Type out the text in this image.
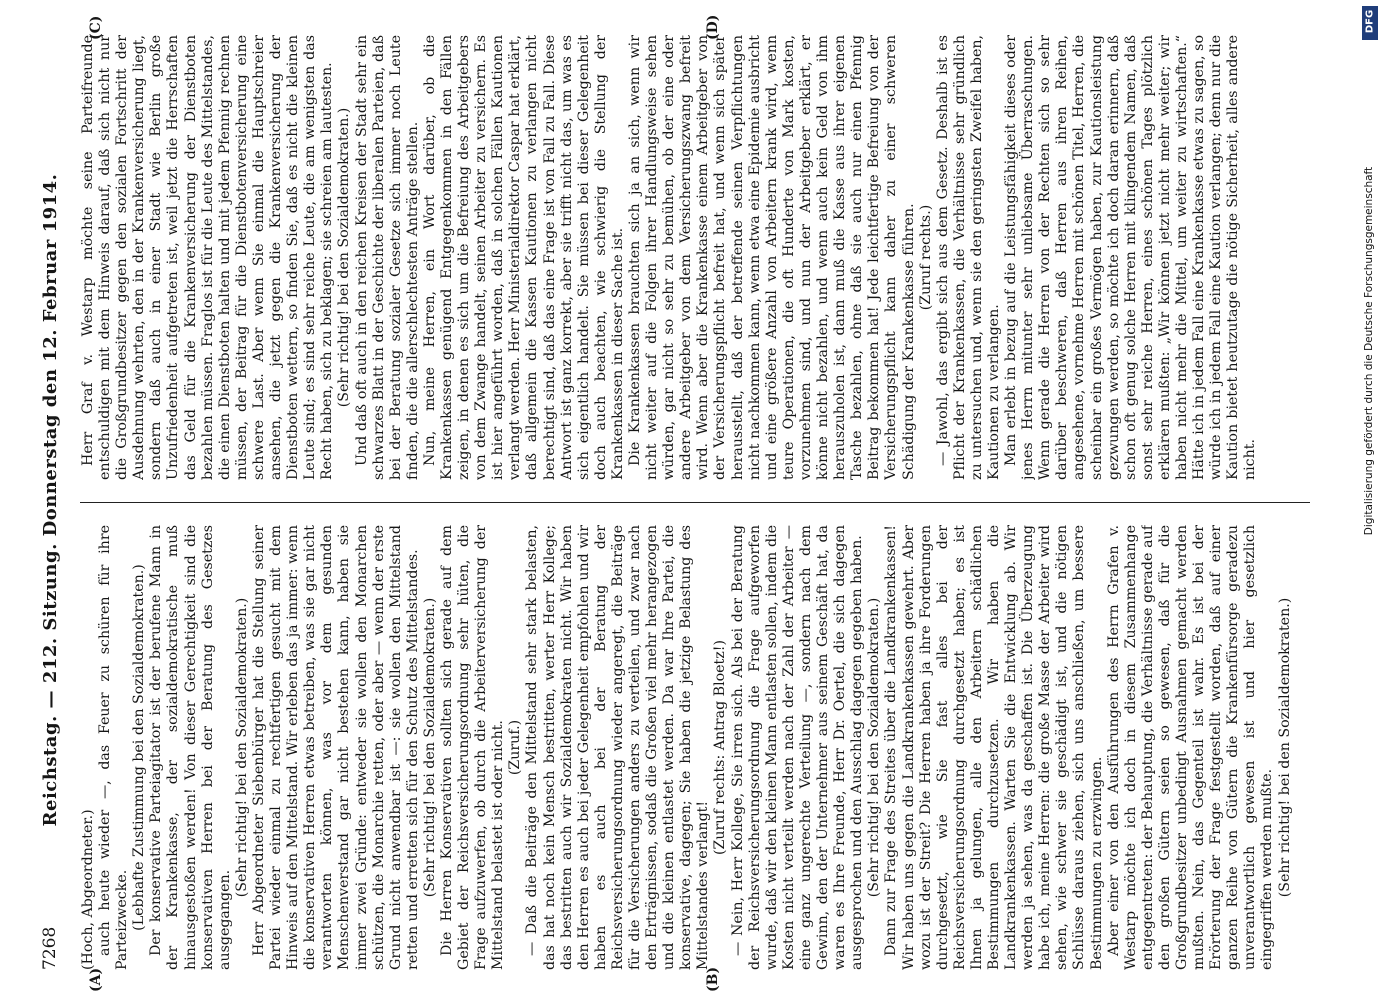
7268
Reichstag. — 212. Sitzung. Donnerstag den 12. Februar 1914.

(Hoch, Abgeordneter.) auch heute wieder —, das Feuer zu schüren für ihre Parteizwecke. (Lebhafte Zustimmung bei den Sozialdemokraten.) Der konservative Parteiagitator ist der berufene Mann in der Krankenkasse, der sozialdemokratische muß hinausgestoßen werden! Von dieser Gerechtigkeit sind die konservativen Herren bei der Beratung des Gesetzes ausgegangen.

(Sehr richtig! bei den Sozialdemokraten.) Herr Abgeordneter Siebenbürger hat die Stellung seiner Partei wieder einmal zu rechtfertigen gesucht mit dem Hinweis auf den Mittelstand. Wir erleben das ja immer: wenn die konservativen Herren etwas betreiben, was sie gar nicht verantworten können, was vor dem gesunden Menschenverstand gar nicht bestehen kann, haben sie immer zwei Gründe: entweder sie wollen den Monarchen schützen, die Monarchie retten, oder aber — wenn der erste Grund nicht anwendbar ist —: sie wollen den Mittelstand retten und erretten sich für den Schutz des Mittelstandes. (Sehr richtig! bei den Sozialdemokraten.) Die Herren Konservativen sollten sich gerade auf dem Gebiet der Reichsversicherungsordnung sehr hüten, die Frage aufzuwerfen, ob durch die Arbeiterversicherung der Mittelstand belastet ist oder nicht. (Zuruf.) — Daß die Beiträge den Mittelstand sehr stark belasten, das hat noch kein Mensch bestritten, werter Herr Kollege; das bestritten auch wir Sozialdemokraten nicht. Wir haben den Herren es auch bei jeder Gelegenheit empfohlen und wir haben es auch bei der Beratung der Reichsversicherungsordnung wieder angeregt, die Beiträge für die Versicherungen anders zu verteilen, und zwar nach den Erträgnissen, sodaß die Großen viel mehr herangezogen und die kleinen entlastet werden. Da war Ihre Partei, die konservative, dagegen; Sie haben die jetzige Belastung des Mittelstandes verlangt!

(Zuruf rechts: Antrag Bloetz!) — Nein, Herr Kollege, Sie irren sich. Als bei der Beratung der Reichsversicherungsordnung die Frage aufgeworfen wurde, daß wir den kleinen Mann entlasten sollen, indem die Kosten nicht verteilt werden nach der Zahl der Arbeiter — eine ganz ungerechte Verteilung —, sondern nach dem Gewinn, den der Unternehmer aus seinem Geschäft hat, da waren es Ihre Freunde, Herr Dr. Oertel, die sich dagegen ausgesprochen und den Ausschlag dagegen gegeben haben. (Sehr richtig! bei den Sozialdemokraten.) Dann zur Frage des Streites über die Landkrankenkassen! Wir haben uns gegen die Landkrankenkassen gewehrt. Aber wozu ist der Streit? Die Herren haben ja ihre Forderungen durchgesetzt, wie Sie fast alles bei der Reichsversicherungsordnung durchgesetzt haben; es ist Ihnen ja gelungen, alle den Arbeitern schädlichen Bestimmungen durchzusetzen. Wir haben die Landkrankenkassen. Warten Sie die Entwicklung ab. Wir werden ja sehen, was da geschaffen ist. Die Überzeugung habe ich, meine Herren: die große Masse der Arbeiter wird sehen, wie schwer sie geschädigt ist, und die nötigen Schlüsse daraus ziehen, sich uns anschließen, um bessere Bestimmungen zu erzwingen. Aber einer von den Ausführungen des Herrn Grafen v. Westarp möchte ich doch in diesem Zusammenhange entgegentreten: der Behauptung, die Verhältnisse gerade auf den großen Gütern seien so gewesen, daß für die Großgrundbesitzer unbedingt Ausnahmen gemacht werden mußten. Nein, das Gegenteil ist wahr. Es ist bei der Erörterung der Frage festgestellt worden, daß auf einer ganzen Reihe von Gütern die Krankenfürsorge geradezu unverantwortlich gewesen ist und hier gesetzlich eingegriffen werden mußte. (Sehr richtig! bei den Sozialdemokraten.)

Herr Graf v. Westarp möchte seine Parteifreunde entschuldigen mit dem Hinweis darauf, daß sich nicht nur die Großgrundbesitzer gegen den sozialen Fortschritt der Ausdehnung wehrten, den in der Krankenversicherung liegt, sondern daß auch in einer Stadt wie Berlin große Unzufriedenheit aufgetreten ist, weil jetzt die Herrschaften das Geld für die Krankenversicherung der Dienstboten bezahlen müssen. Fraglos ist für die Leute des Mittelstandes, die einen Dienstboten halten und mit jedem Pfennig rechnen müssen, der Beitrag für die Dienstbotenversicherung eine schwere Last. Aber wenn Sie einmal die Hauptschreier ansehen, die jetzt gegen die Krankenversicherung der Dienstboten wettern, so finden Sie, daß es nicht die kleinen Leute sind; es sind sehr reiche Leute, die am wenigsten das Recht haben, sich zu beklagen; sie schreien am lautesten. (Sehr richtig! bei den Sozialdemokraten.) Und daß oft auch in den reichen Kreisen der Stadt sehr ein schwarzes Blatt in der Geschichte der liberalen Parteien, daß bei der Beratung sozialer Gesetze sich immer noch Leute finden, die die allerschlechtesten Anträge stellen. Nun, meine Herren, ein Wort darüber, ob die Krankenkassen genügend Entgegenkommen in den Fällen zeigen, in denen es sich um die Befreiung des Arbeitgebers von dem Zwange handelt, seinen Arbeiter zu versichern. Es ist hier angeführt worden, daß in solchen Fällen Kautionen verlangt werden. Herr Ministerialdirektor Caspar hat erklärt, daß allgemein die Kassen Kautionen zu verlangen nicht berechtigt sind, daß das eine Frage ist von Fall zu Fall. Diese Antwort ist ganz korrekt, aber sie trifft nicht das, um was es sich eigentlich handelt. Sie müssen bei dieser Gelegenheit doch auch beachten, wie schwierig die Stellung der Krankenkassen in dieser Sache ist. Die Krankenkassen brauchten sich ja an sich, wenn wir nicht weiter auf die Folgen ihrer Handlungsweise sehen würden, gar nicht so sehr zu bemühen, ob der eine oder andere Arbeitgeber von dem Versicherungszwang befreit wird. Wenn aber die Krankenkasse einem Arbeitgeber von der Versicherungspflicht befreit hat, und wenn sich später herausstellt, daß der betreffende seinen Verpflichtungen nicht nachkommen kann, wenn etwa eine Epidemie ausbricht und eine größere Anzahl von Arbeitern krank wird, wenn teure Operationen, die oft Hunderte von Mark kosten, vorzunehmen sind, und nun der Arbeitgeber erklärt, er könne nicht bezahlen, und wenn auch kein Geld von ihm herauszuholen ist, dann muß die Kasse aus ihrer eigenen Tasche bezahlen, ohne daß sie auch nur einen Pfennig Beitrag bekommen hat! Jede leichtfertige Befreiung von der Versicherungspflicht kann daher zu einer schweren Schädigung der Krankenkasse führen. (Zuruf rechts.) — Jawohl, das ergibt sich aus dem Gesetz. Deshalb ist es Pflicht der Krankenkassen, die Verhältnisse sehr gründlich zu untersuchen und, wenn sie den geringsten Zweifel haben, Kautionen zu verlangen. Man erlebt in bezug auf die Leistungsfähigkeit dieses oder jenes Herrn mitunter sehr unliebsame Überraschungen. Wenn gerade die Herren von der Rechten sich so sehr darüber beschweren, daß Herren aus ihren Reihen, angesehene, vornehme Herren mit schönen Titel, Herren, die scheinbar ein großes Vermögen haben, zur Kautionsleistung gezwungen werden, so möchte ich doch daran erinnern, daß schon oft genug solche Herren mit klingendem Namen, daß sonst sehr reiche Herren, eines schönen Tages plötzlich erklären mußten: „Wir können jetzt nicht mehr weiter; wir haben nicht mehr die Mittel, um weiter zu wirtschaften.“ Hätte ich in jedem Fall eine Krankenkasse etwas zu sagen, so würde ich in jedem Fall eine Kaution verlangen; denn nur die Kaution bietet heutzutage die nötige Sicherheit, alles andere nicht.

(A)	(B)
(C)	(D)	DFG
Digitalisierung gefördert durch die Deutsche Forschungsgemeinschaft
